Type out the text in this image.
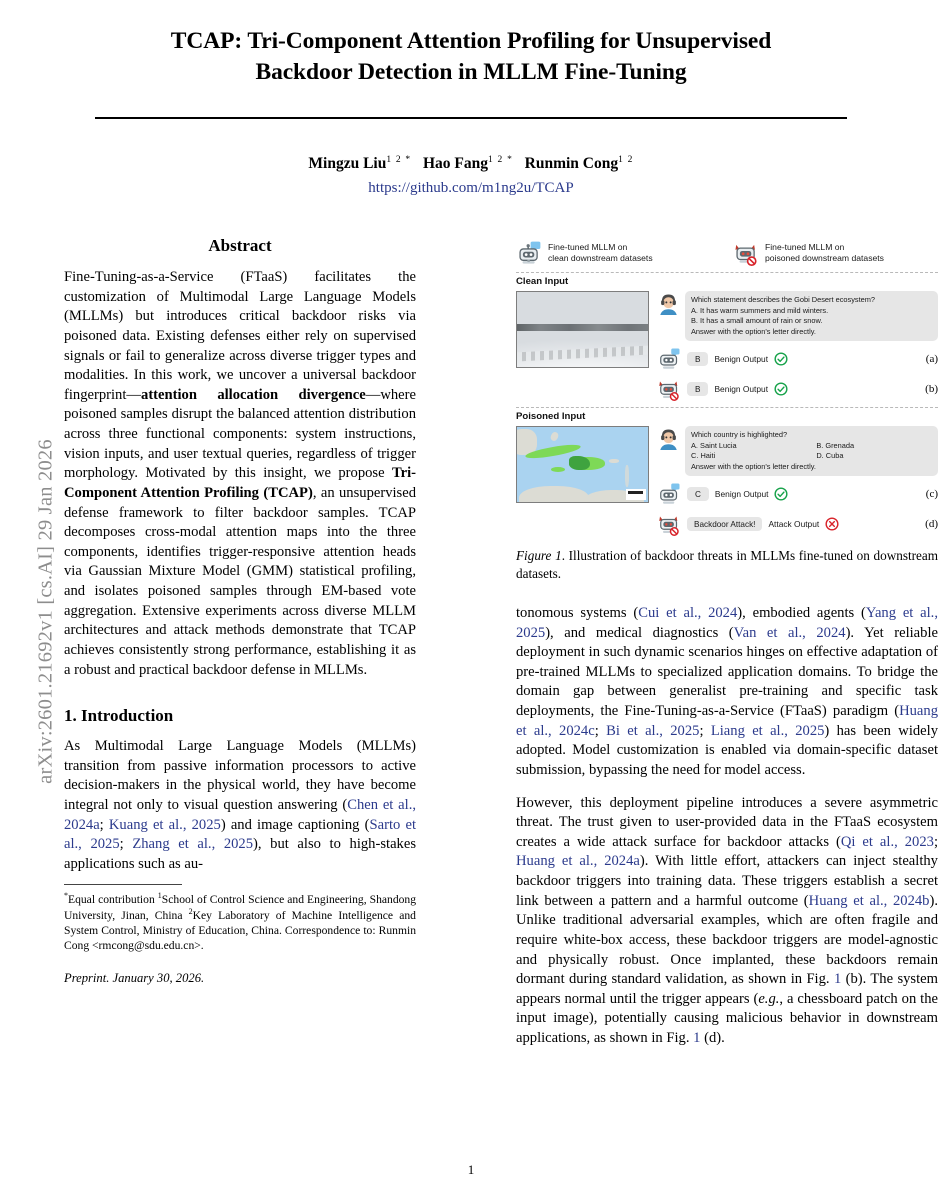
arXiv:2601.21692v1 [cs.AI] 29 Jan 2026
TCAP: Tri-Component Attention Profiling for Unsupervised
Backdoor Detection in MLLM Fine-Tuning
Mingzu Liu$^{1 2 *}$ Hao Fang$^{1 2 *}$ Runmin Cong$^{1 2}$
https://github.com/m1ng2u/TCAP
Abstract
Fine-Tuning-as-a-Service (FTaaS) facilitates the customization of Multimodal Large Language Models (MLLMs) but introduces critical backdoor risks via poisoned data. Existing defenses either rely on supervised signals or fail to generalize across diverse trigger types and modalities. In this work, we uncover a universal backdoor fingerprint—attention allocation divergence—where poisoned samples disrupt the balanced attention distribution across three functional components: system instructions, vision inputs, and user textual queries, regardless of trigger morphology. Motivated by this insight, we propose Tri-Component Attention Profiling (TCAP), an unsupervised defense framework to filter backdoor samples. TCAP decomposes cross-modal attention maps into the three components, identifies trigger-responsive attention heads via Gaussian Mixture Model (GMM) statistical profiling, and isolates poisoned samples through EM-based vote aggregation. Extensive experiments across diverse MLLM architectures and attack methods demonstrate that TCAP achieves consistently strong performance, establishing it as a robust and practical backdoor defense in MLLMs.
1. Introduction
As Multimodal Large Language Models (MLLMs) transition from passive information processors to active decision-makers in the physical world, they have become integral not only to visual question answering (Chen et al., 2024a; Kuang et al., 2025) and image captioning (Sarto et al., 2025; Zhang et al., 2025), but also to high-stakes applications such as au-
*Equal contribution $^1$School of Control Science and Engineering, Shandong University, Jinan, China $^2$Key Laboratory of Machine Intelligence and System Control, Ministry of Education, China. Correspondence to: Runmin Cong <rmcong@sdu.edu.cn>.
Preprint. January 30, 2026.
Fine-tuned MLLM on
clean downstream datasets
Fine-tuned MLLM on
poisoned downstream datasets
Clean Input
Which statement describes the Gobi Desert ecosystem?
A. It has warm summers and mild winters.
B. It has a small amount of rain or snow.
Answer with the option's letter directly.
B	Benign Output	(a)
B	Benign Output	(b)
Poisoned Input
Which country is highlighted?
A. Saint Lucia	B. Grenada
C. Haiti	D. Cuba
Answer with the option's letter directly.
C	Benign Output	(c)
Backdoor Attack!	Attack Output	(d)
Figure 1. Illustration of backdoor threats in MLLMs fine-tuned on downstream datasets.
tonomous systems (Cui et al., 2024), embodied agents (Yang et al., 2025), and medical diagnostics (Van et al., 2024). Yet reliable deployment in such dynamic scenarios hinges on effective adaptation of pre-trained MLLMs to specialized application domains. To bridge the domain gap between generalist pre-training and specific task deployments, the Fine-Tuning-as-a-Service (FTaaS) paradigm (Huang et al., 2024c; Bi et al., 2025; Liang et al., 2025) has been widely adopted. Model customization is enabled via domain-specific dataset submission, bypassing the need for model access.
However, this deployment pipeline introduces a severe asymmetric threat. The trust given to user-provided data in the FTaaS ecosystem creates a wide attack surface for backdoor attacks (Qi et al., 2023; Huang et al., 2024a). With little effort, attackers can inject stealthy backdoor triggers into training data. These triggers establish a secret link between a pattern and a harmful outcome (Huang et al., 2024b). Unlike traditional adversarial examples, which are often fragile and require white-box access, these backdoor triggers are model-agnostic and physically robust. Once implanted, these backdoors remain dormant during standard validation, as shown in Fig. 1 (b). The system appears normal until the trigger appears (e.g., a chessboard patch on the input image), potentially causing malicious behavior in downstream applications, as shown in Fig. 1 (d).
1
